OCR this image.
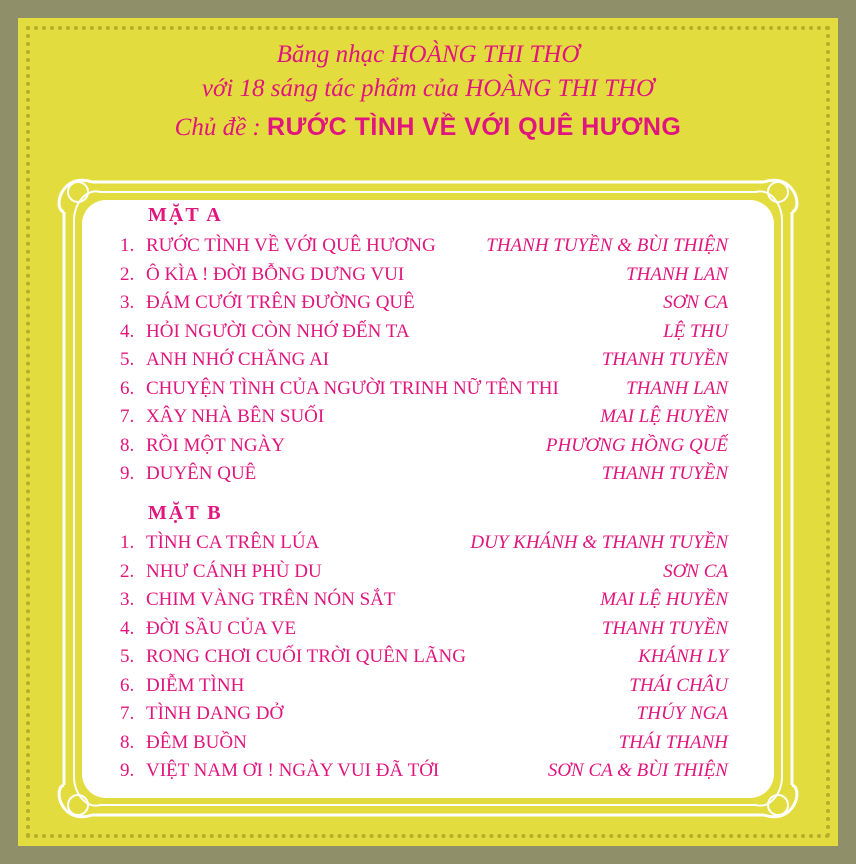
Băng nhạc HOÀNG THI THƠ
với 18 sáng tác phẩm của HOÀNG THI THƠ
Chủ đề : RƯỚC TÌNH VỀ VỚI QUÊ HƯƠNG
MẶT A
1. RƯỚC TÌNH VỀ VỚI QUÊ HƯƠNG	THANH TUYỀN & BÙI THIỆN
2. Ô KÌA ! ĐỜI BỖNG DƯNG VUI	THANH LAN
3. ĐÁM CƯỚI TRÊN ĐƯỜNG QUÊ	SƠN CA
4. HỎI NGƯỜI CÒN NHỚ ĐẾN TA	LỆ THU
5. ANH NHỚ CHĂNG AI	THANH TUYỀN
6. CHUYỆN TÌNH CỦA NGƯỜI TRINH NỮ TÊN THI	THANH LAN
7. XÂY NHÀ BÊN SUỐI	MAI LỆ HUYỀN
8. RỒI MỘT NGÀY	PHƯƠNG HỒNG QUẾ
9. DUYÊN QUÊ	THANH TUYỀN
MẶT B
1. TÌNH CA TRÊN LÚA	DUY KHÁNH & THANH TUYỀN
2. NHƯ CÁNH PHÙ DU	SƠN CA
3. CHIM VÀNG TRÊN NÓN SẮT	MAI LỆ HUYỀN
4. ĐỜI SẦU CỦA VE	THANH TUYỀN
5. RONG CHƠI CUỐI TRỜI QUÊN LÃNG	KHÁNH LY
6. DIỄM TÌNH	THÁI CHÂU
7. TÌNH DANG DỞ	THÚY NGA
8. ĐÊM BUỒN	THÁI THANH
9. VIỆT NAM ƠI ! NGÀY VUI ĐÃ TỚI	SƠN CA & BÙI THIỆN
